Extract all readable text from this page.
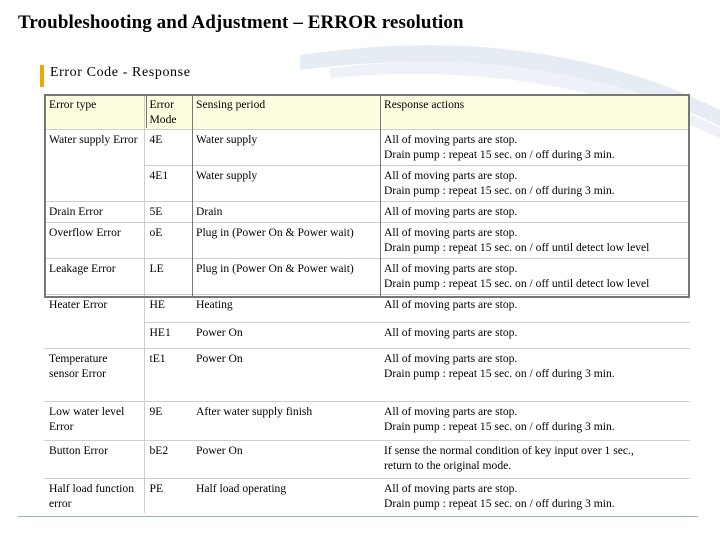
Troubleshooting and Adjustment – ERROR resolution
Error Code - Response
Error type	Error Mode	Sensing period	Response actions
Water supply Error	4E	Water supply	All of moving parts are stop.
Drain pump : repeat 15 sec. on / off during 3 min.

	4E1	Water supply	All of moving parts are stop.
Drain pump : repeat 15 sec. on / off during 3 min.

Drain Error	5E	Drain	All of moving parts are stop.

Overflow Error	oE	Plug in (Power On & Power wait)	All of moving parts are stop.
Drain pump : repeat 15 sec. on / off until detect low level

Leakage Error	LE	Plug in (Power On & Power wait)	All of moving parts are stop.
Drain pump : repeat 15 sec. on / off until detect low level

Heater Error	HE	Heating	All of moving parts are stop.

	HE1	Power On	All of moving parts are stop.

Temperature sensor Error	tE1	Power On	All of moving parts are stop.
Drain pump : repeat 15 sec. on / off during 3 min.

Low water level Error	9E	After water supply finish	All of moving parts are stop.
Drain pump : repeat 15 sec. on / off during 3 min.

Button Error	bE2	Power On	If sense the normal condition of key input over 1 sec.,
return to the original mode.

Half load function error	PE	Half load operating	All of moving parts are stop.
Drain pump : repeat 15 sec. on / off during 3 min.
